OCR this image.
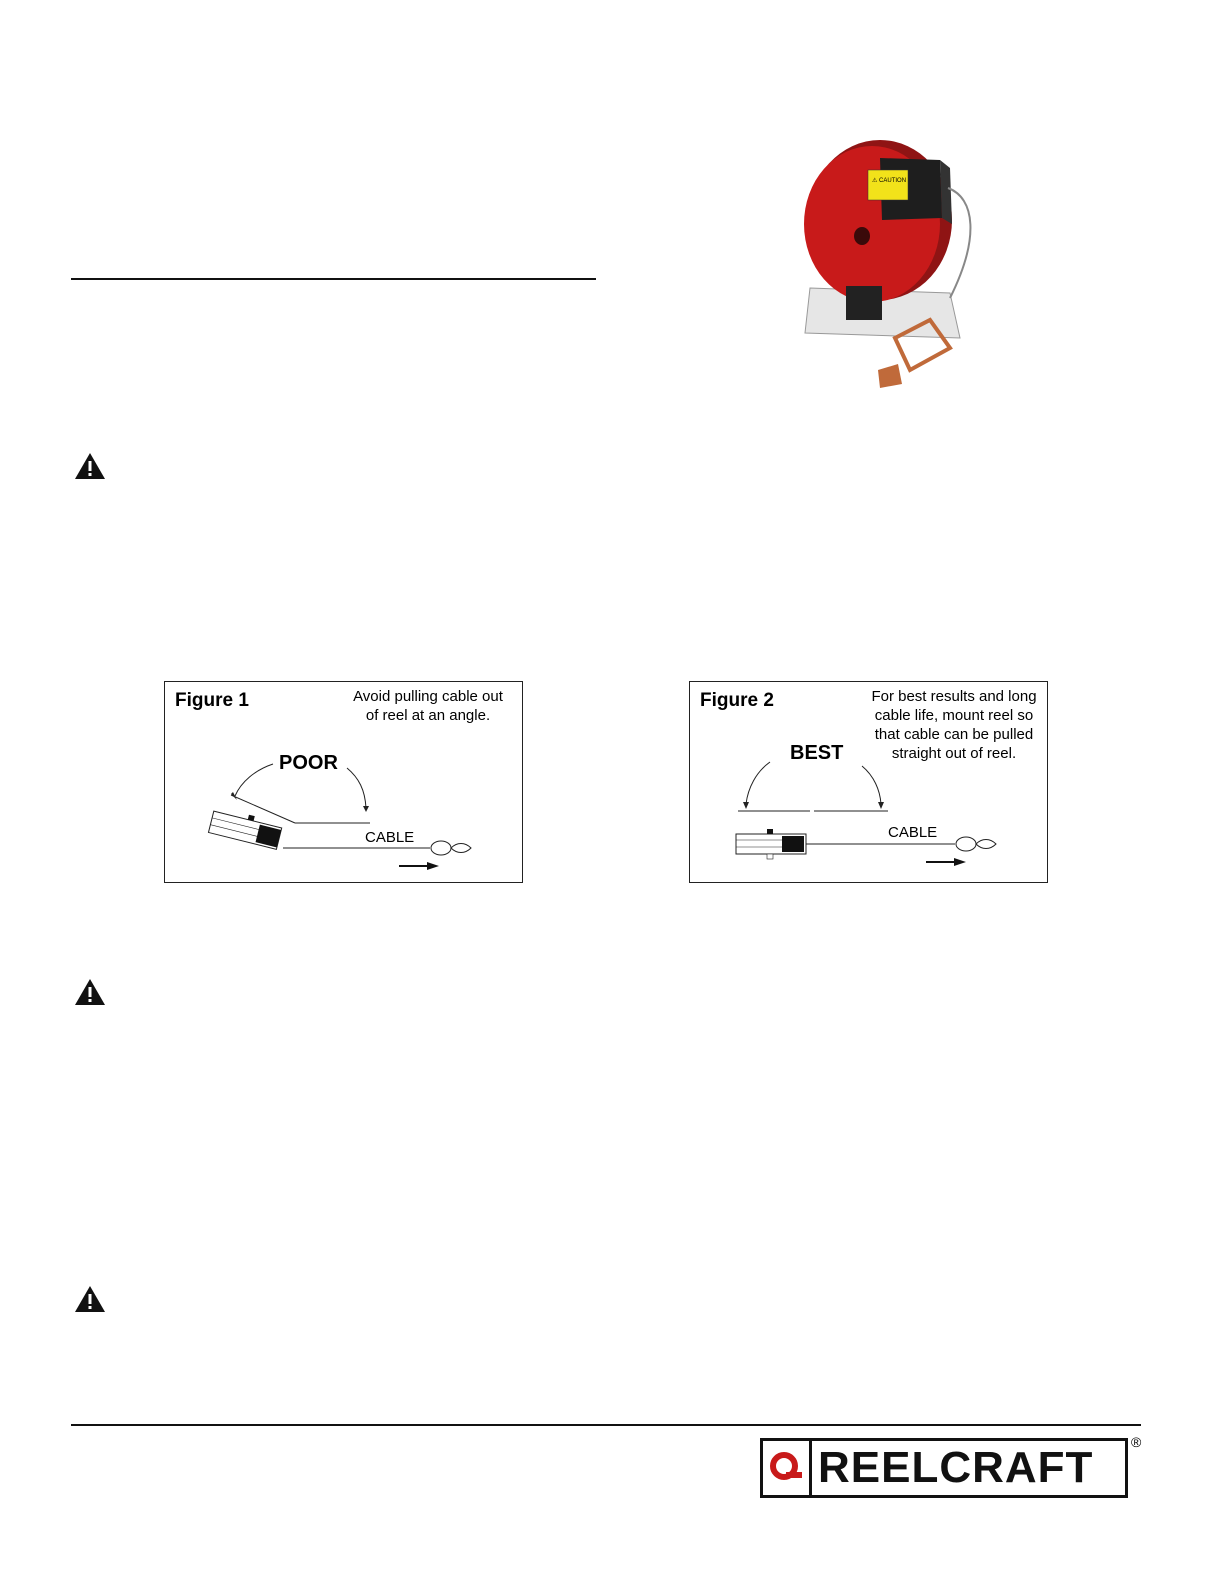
⚠ CAUTION
Figure 1	Avoid pulling cable out
of reel at an angle.
POOR
CABLE
Figure 2	For best results and long
cable life, mount reel so
that cable can be pulled
straight out of reel.
BEST
CABLE
REELCRAFT
®
